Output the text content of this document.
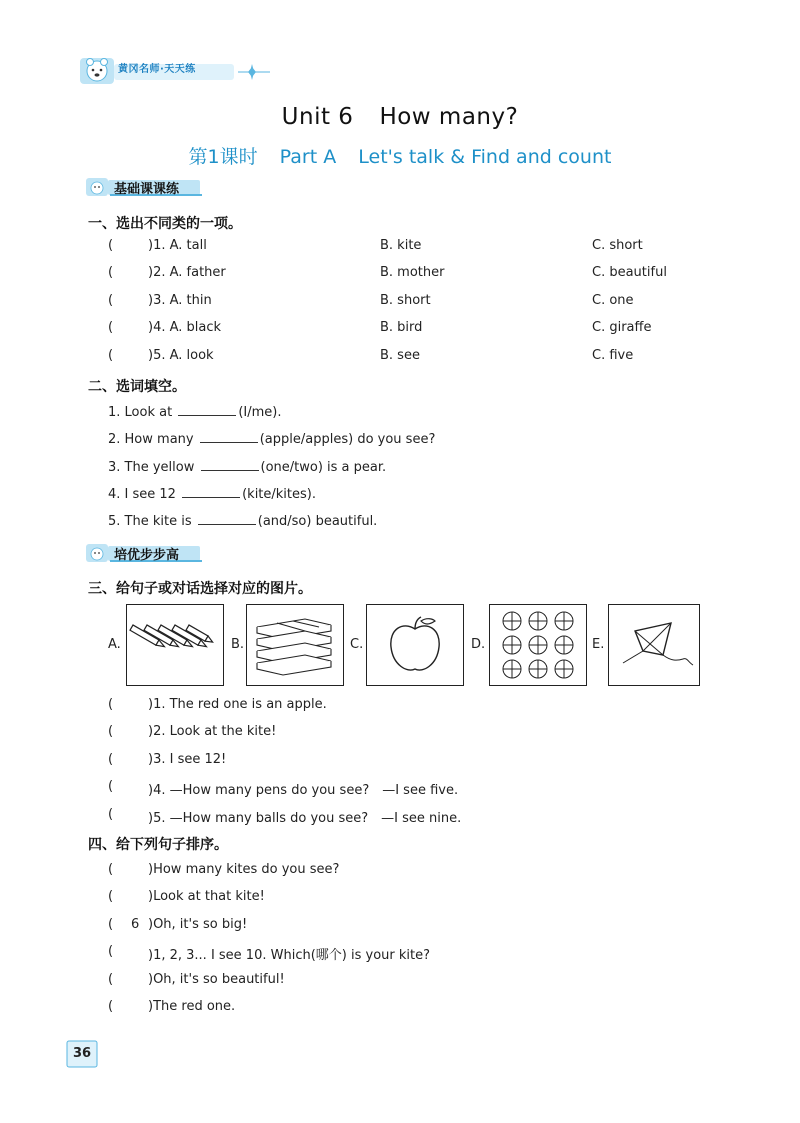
黄冈名师·天天练
Unit 6 How many?
第1课时 Part A Let's talk & Find and count
基础课课练
一、选出不同类的一项。
(	)1. A. tall	B. kite	C. short
(	)2. A. father	B. mother	C. beautiful
(	)3. A. thin	B. short	C. one
(	)4. A. black	B. bird	C. giraffe
(	)5. A. look	B. see	C. five
二、选词填空。
1. Look at	(I/me).
2. How many	(apple/apples) do you see?
3. The yellow	(one/two) is a pear.
4. I see 12	(kite/kites).
5. The kite is	(and/so) beautiful.
培优步步高
三、给句子或对话选择对应的图片。
A.	B.	C.	D.	E.
(	)1. The red one is an apple.
(	)2. Look at the kite!
(	)3. I see 12!
(	)4. —How many pens do you see?　—I see five.
(	)5. —How many balls do you see?　—I see nine.
四、给下列句子排序。
(	)How many kites do you see?
(	)Look at that kite!
( 6 )Oh, it's so big!
(	)1, 2, 3... I see 10. Which(哪个) is your kite?
(	)Oh, it's so beautiful!
(	)The red one.
36
